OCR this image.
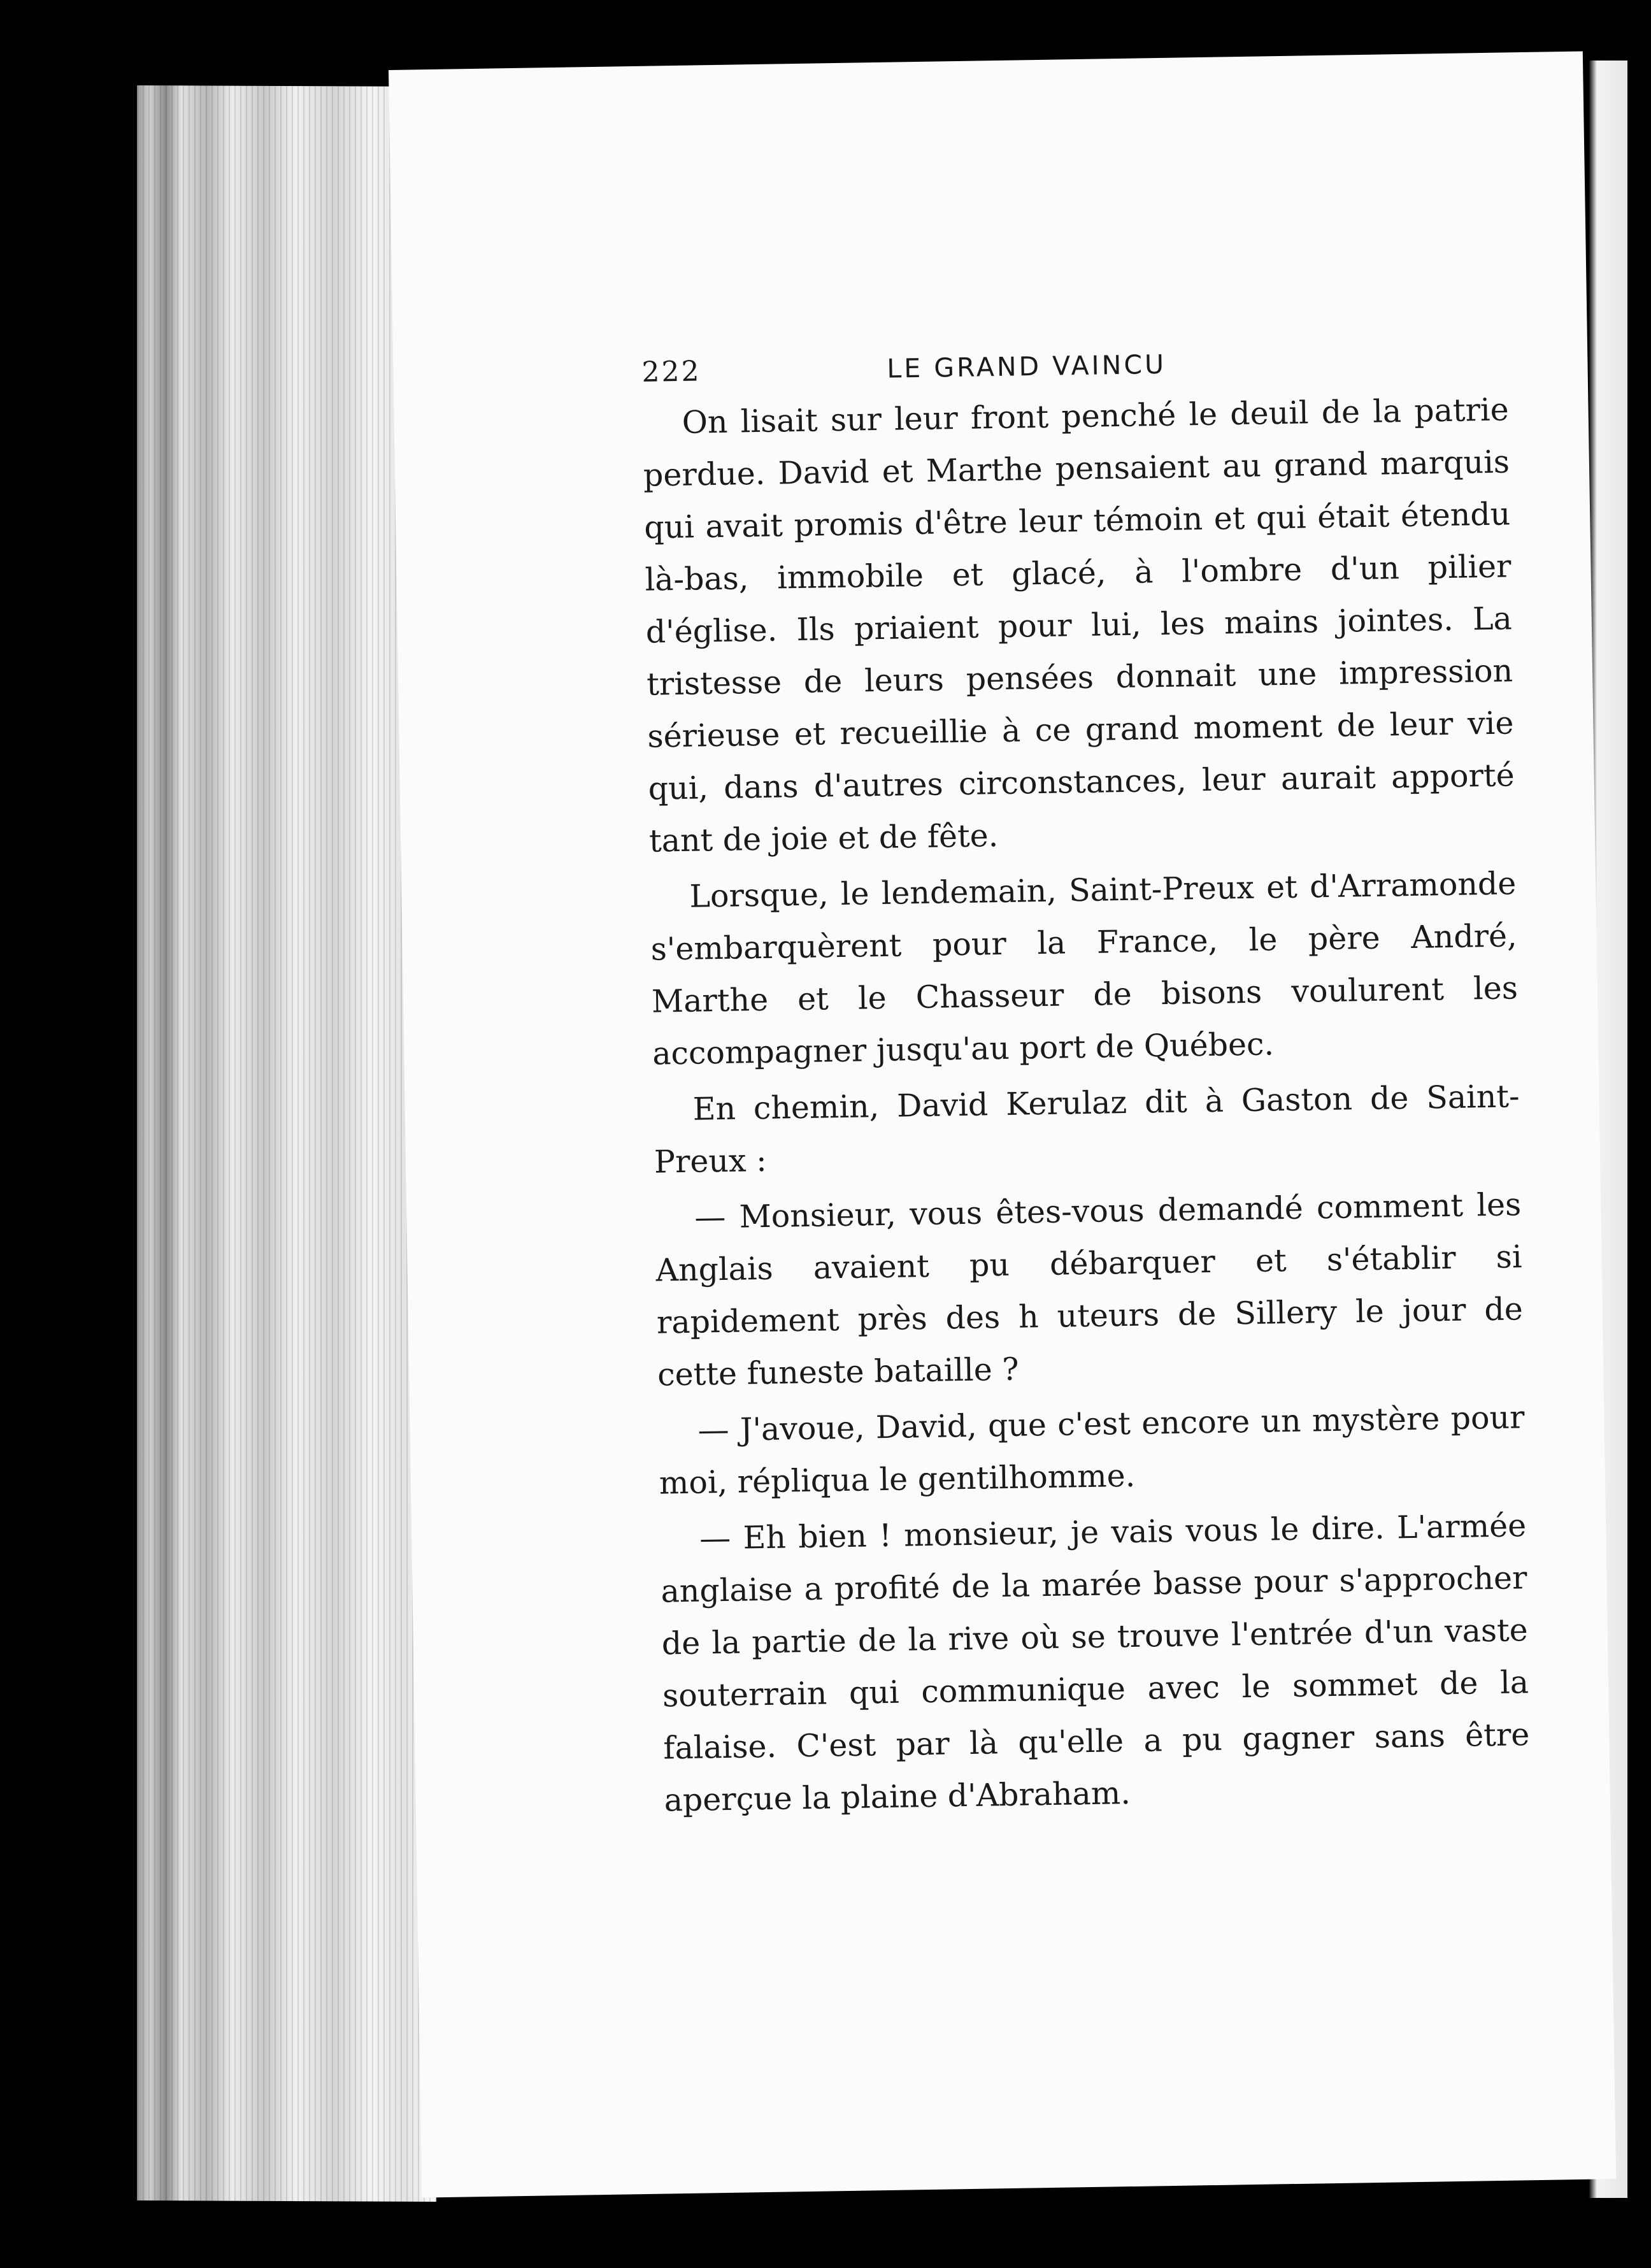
222	LE GRAND VAINCU

On lisait sur leur front penché le deuil de la patrie perdue. David et Marthe pensaient au grand marquis qui avait promis d'être leur témoin et qui était étendu là-bas, immobile et glacé, à l'ombre d'un pilier d'église. Ils priaient pour lui, les mains jointes. La tristesse de leurs pensées donnait une impression sérieuse et recueillie à ce grand moment de leur vie qui, dans d'autres circonstances, leur aurait apporté tant de joie et de fête.

Lorsque, le lendemain, Saint-Preux et d'Arramonde s'embarquèrent pour la France, le père André, Marthe et le Chasseur de bisons voulurent les accompagner jusqu'au port de Québec.

En chemin, David Kerulaz dit à Gaston de Saint-Preux :

— Monsieur, vous êtes-vous demandé comment les Anglais avaient pu débarquer et s'établir si rapidement près des h uteurs de Sillery le jour de cette funeste bataille ?

— J'avoue, David, que c'est encore un mystère pour moi, répliqua le gentilhomme.

— Eh bien ! monsieur, je vais vous le dire. L'armée anglaise a profité de la marée basse pour s'approcher de la partie de la rive où se trouve l'entrée d'un vaste souterrain qui communique avec le sommet de la falaise. C'est par là qu'elle a pu gagner sans être aperçue la plaine d'Abraham.
